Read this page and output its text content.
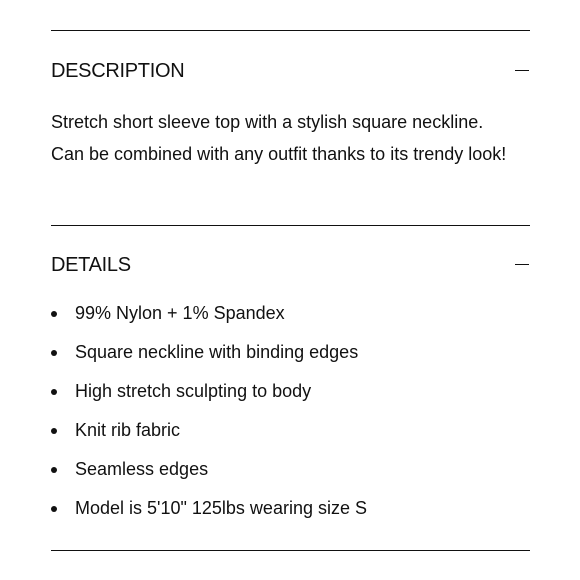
DESCRIPTION

Stretch short sleeve top with a stylish square neckline. Can be combined with any outfit thanks to its trendy look!

DETAILS
99% Nylon + 1% Spandex
Square neckline with binding edges
High stretch sculpting to body
Knit rib fabric
Seamless edges
Model is 5'10" 125lbs wearing size S
